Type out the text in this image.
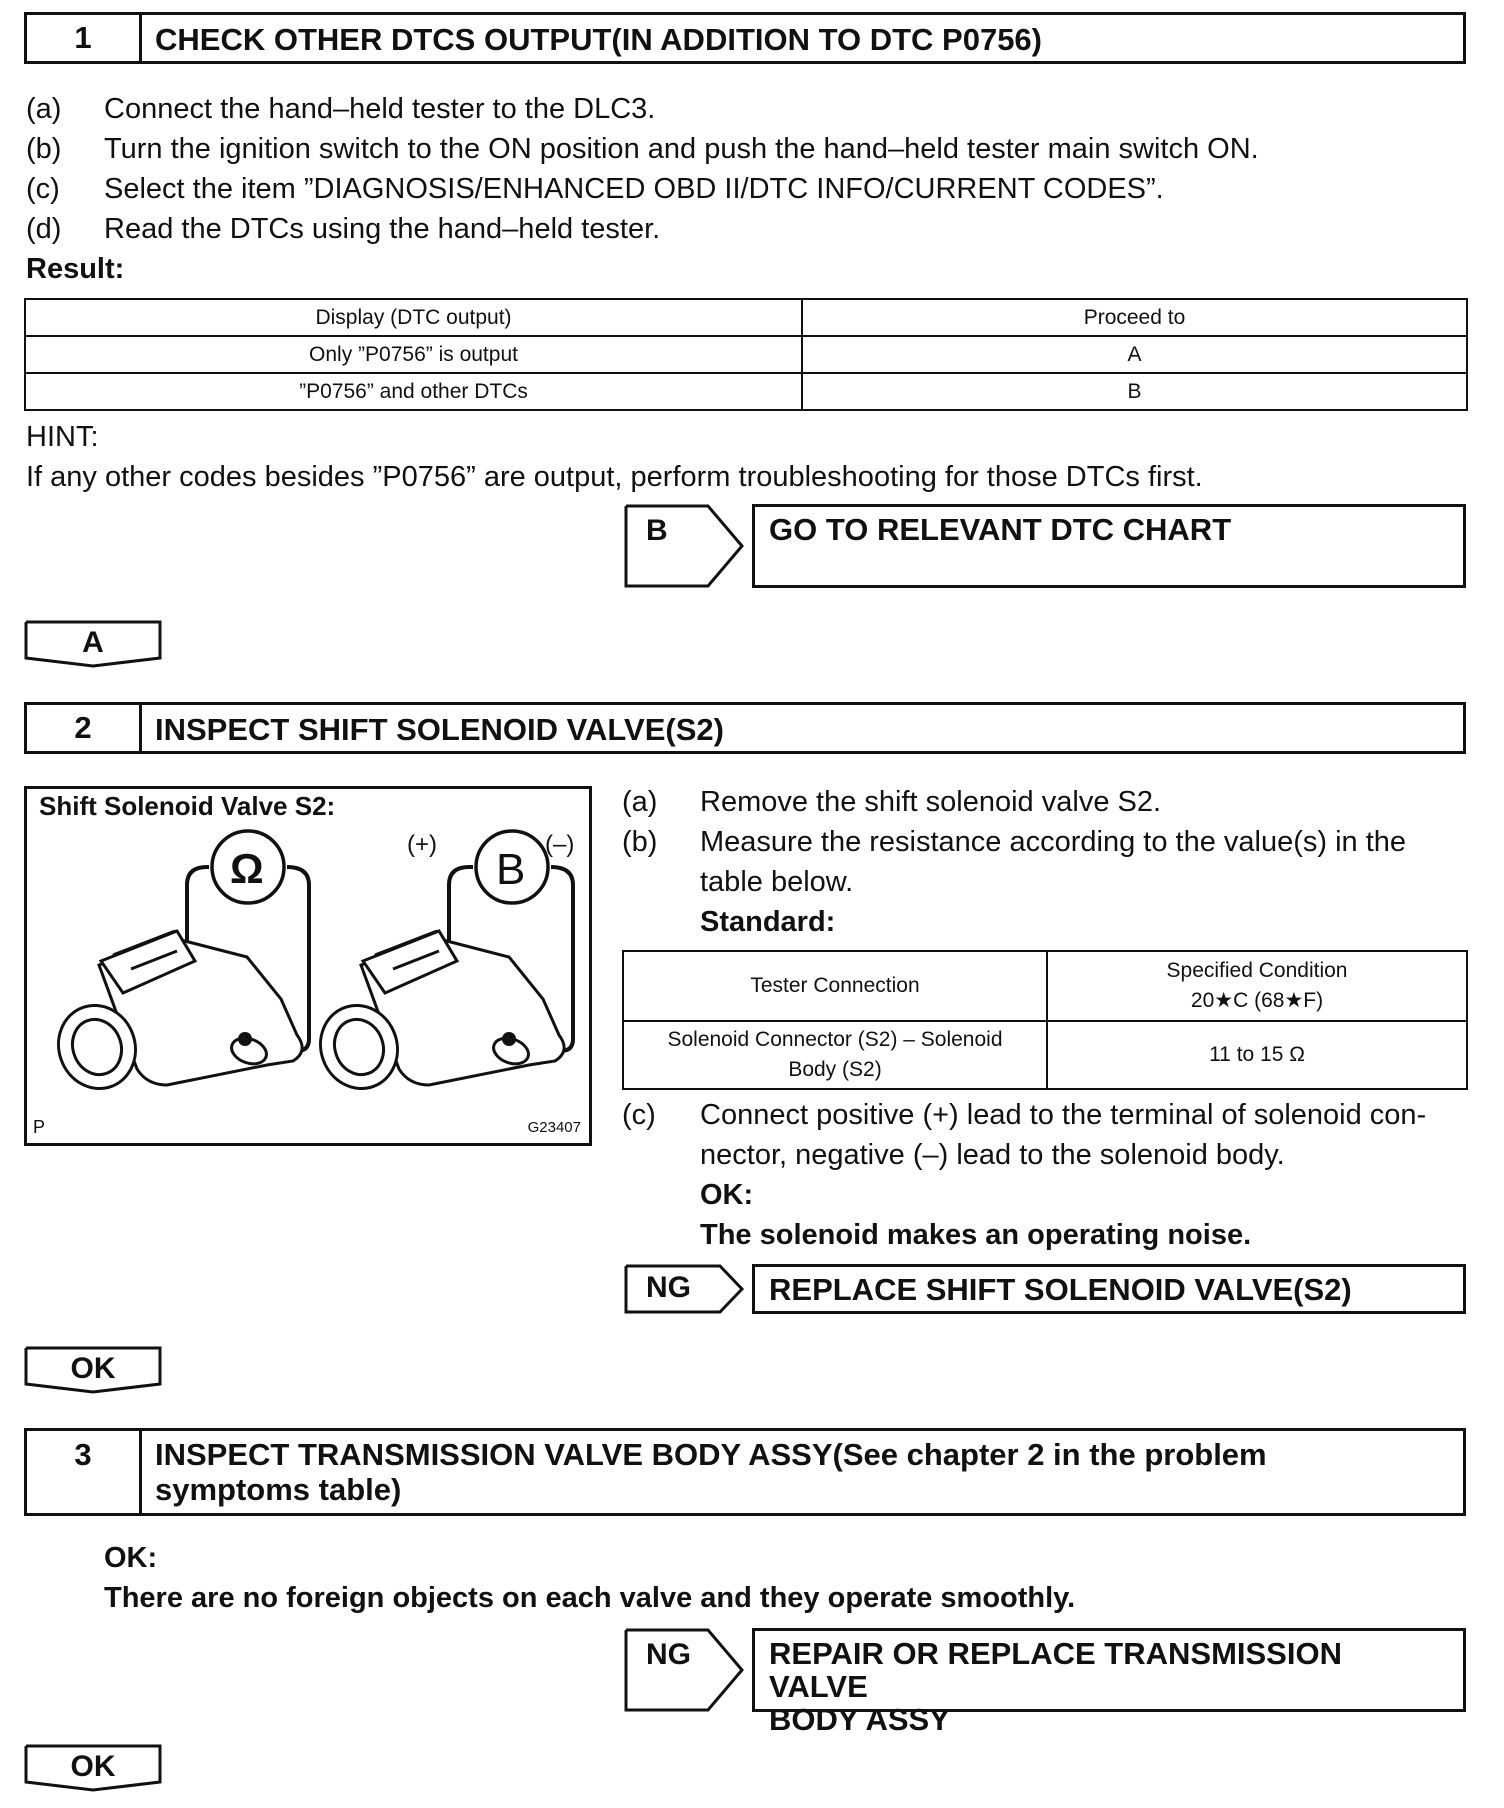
1	CHECK OTHER DTCS OUTPUT(IN ADDITION TO DTC P0756)
(a) Connect the hand–held tester to the DLC3.
(b) Turn the ignition switch to the ON position and push the hand–held tester main switch ON.
(c) Select the item ”DIAGNOSIS/ENHANCED OBD II/DTC INFO/CURRENT CODES”.
(d) Read the DTCs using the hand–held tester.
Result:
Display (DTC output)	Proceed to
Only ”P0756” is output	A
”P0756” and other DTCs	B
HINT:
If any other codes besides ”P0756” are output, perform troubleshooting for those DTCs first.
B	GO TO RELEVANT DTC CHART
A
2	INSPECT SHIFT SOLENOID VALVE(S2)
Shift Solenoid Valve S2:
Ω	B
(+)	(–)
P	G23407
(a) Remove the shift solenoid valve S2.
(b) Measure the resistance according to the value(s) in the
table below.
Standard:
Tester Connection	Specified Condition
20★C (68★F)

Solenoid Connector (S2) – Solenoid
Body (S2)	11 to 15 Ω
(c) Connect positive (+) lead to the terminal of solenoid con-
nector, negative (–) lead to the solenoid body.
OK:
The solenoid makes an operating noise.
NG	REPLACE SHIFT SOLENOID VALVE(S2)
OK
3	INSPECT TRANSMISSION VALVE BODY ASSY(See chapter 2 in the problem
symptoms table)
OK:
There are no foreign objects on each valve and they operate smoothly.
NG	REPAIR OR REPLACE TRANSMISSION VALVE
BODY ASSY
OK
